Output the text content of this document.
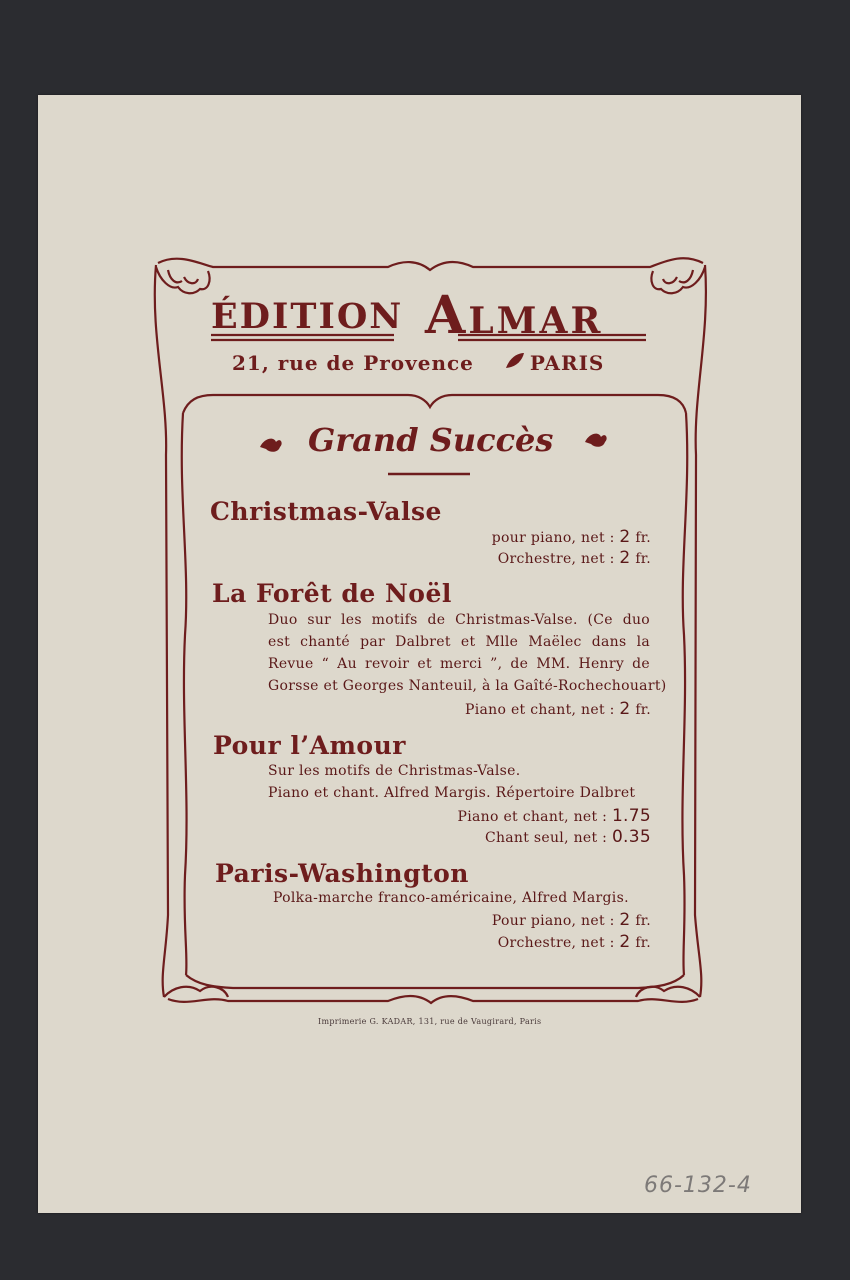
ÉDITION ALMAR
21, rue de Provence	PARIS
Grand Succès
Christmas-Valse
pour piano, net : 2 fr.
Orchestre, net : 2 fr.
La Forêt de Noël
Duo sur les motifs de Christmas-Valse. (Ce duo
est chanté par Dalbret et Mlle Maëlec dans la
Revue “ Au revoir et merci ”, de MM. Henry de
Gorsse et Georges Nanteuil, à la Gaîté-Rochechouart)
Piano et chant, net : 2 fr.
Pour l’Amour
Sur les motifs de Christmas-Valse.
Piano et chant. Alfred Margis. Répertoire Dalbret
Piano et chant, net : 1.75
Chant seul, net : 0.35
Paris-Washington
Polka-marche franco-américaine, Alfred Margis.
Pour piano, net : 2 fr.
Orchestre, net : 2 fr.
Imprimerie G. KADAR, 131, rue de Vaugirard, Paris
66-132-4
